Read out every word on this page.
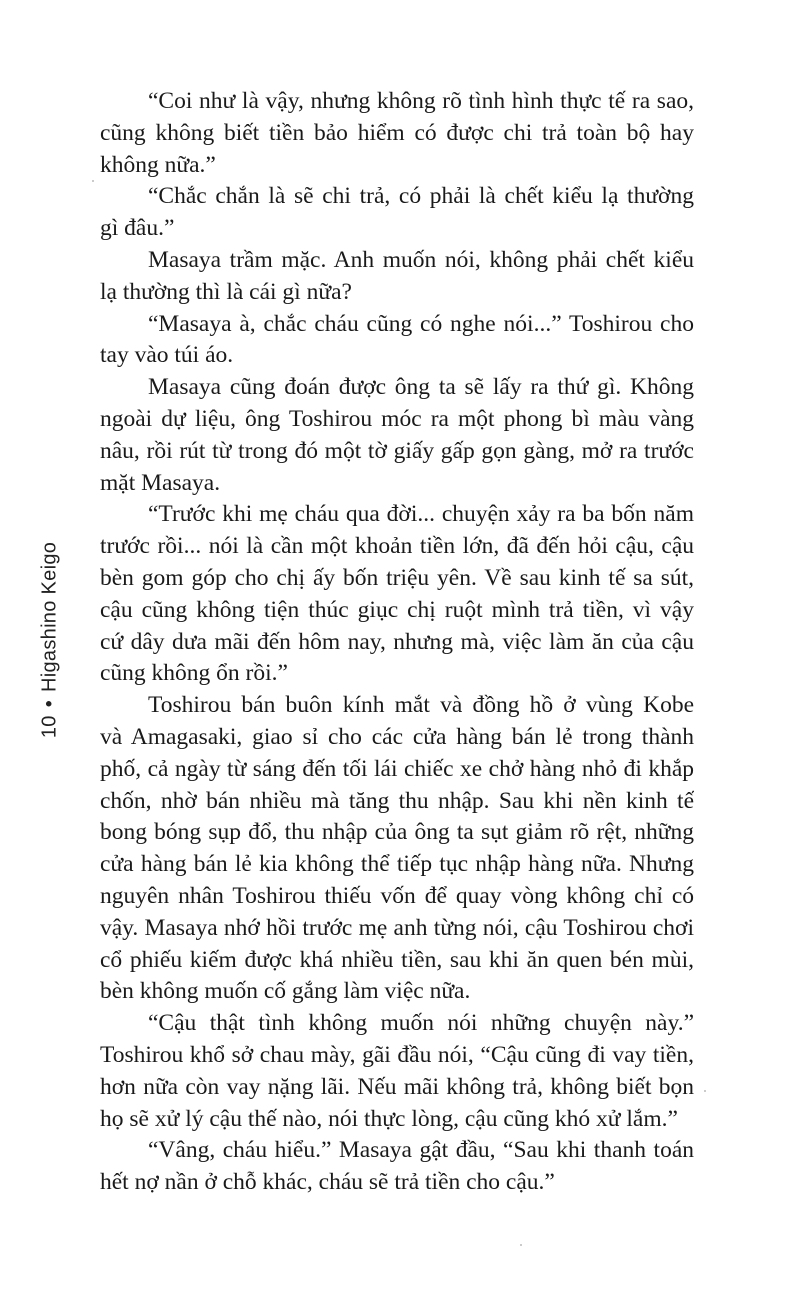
10•Higashino Keigo
“Coi như là vậy, nhưng không rõ tình hình thực tế ra sao,
cũng không biết tiền bảo hiểm có được chi trả toàn bộ hay
không nữa.”
“Chắc chắn là sẽ chi trả, có phải là chết kiểu lạ thường
gì đâu.”
Masaya trầm mặc. Anh muốn nói, không phải chết kiểu
lạ thường thì là cái gì nữa?
“Masaya à, chắc cháu cũng có nghe nói...” Toshirou cho
tay vào túi áo.
Masaya cũng đoán được ông ta sẽ lấy ra thứ gì. Không
ngoài dự liệu, ông Toshirou móc ra một phong bì màu vàng
nâu, rồi rút từ trong đó một tờ giấy gấp gọn gàng, mở ra trước
mặt Masaya.
“Trước khi mẹ cháu qua đời... chuyện xảy ra ba bốn năm
trước rồi... nói là cần một khoản tiền lớn, đã đến hỏi cậu, cậu
bèn gom góp cho chị ấy bốn triệu yên. Về sau kinh tế sa sút,
cậu cũng không tiện thúc giục chị ruột mình trả tiền, vì vậy
cứ dây dưa mãi đến hôm nay, nhưng mà, việc làm ăn của cậu
cũng không ổn rồi.”
Toshirou bán buôn kính mắt và đồng hồ ở vùng Kobe
và Amagasaki, giao sỉ cho các cửa hàng bán lẻ trong thành
phố, cả ngày từ sáng đến tối lái chiếc xe chở hàng nhỏ đi khắp
chốn, nhờ bán nhiều mà tăng thu nhập. Sau khi nền kinh tế
bong bóng sụp đổ, thu nhập của ông ta sụt giảm rõ rệt, những
cửa hàng bán lẻ kia không thể tiếp tục nhập hàng nữa. Nhưng
nguyên nhân Toshirou thiếu vốn để quay vòng không chỉ có
vậy. Masaya nhớ hồi trước mẹ anh từng nói, cậu Toshirou chơi
cổ phiếu kiếm được khá nhiều tiền, sau khi ăn quen bén mùi,
bèn không muốn cố gắng làm việc nữa.
“Cậu thật tình không muốn nói những chuyện này.”
Toshirou khổ sở chau mày, gãi đầu nói, “Cậu cũng đi vay tiền,
hơn nữa còn vay nặng lãi. Nếu mãi không trả, không biết bọn
họ sẽ xử lý cậu thế nào, nói thực lòng, cậu cũng khó xử lắm.”
“Vâng, cháu hiểu.” Masaya gật đầu, “Sau khi thanh toán
hết nợ nần ở chỗ khác, cháu sẽ trả tiền cho cậu.”
